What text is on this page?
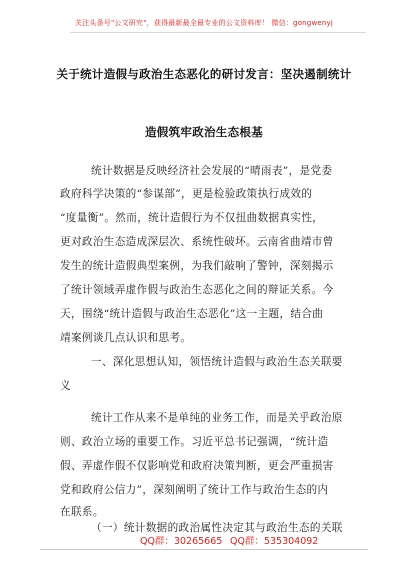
关注头条号"公文研究"，获得最新最全最专业的公文资料库！ 微信：gongwenyj
关于统计造假与政治生态恶化的研讨发言：坚决遏制统计
造假筑牢政治生态根基
统计数据是反映经济社会发展的“晴雨表”，是党委
政府科学决策的“参谋部”，更是检验政策执行成效的
“度量衡”。然而，统计造假行为不仅扭曲数据真实性，
更对政治生态造成深层次、系统性破坏。云南省曲靖市曾
发生的统计造假典型案例，为我们敲响了警钟，深刻揭示
了统计领域弄虚作假与政治生态恶化之间的辩证关系。今
天，围绕“统计造假与政治生态恶化”这一主题，结合曲
靖案例谈几点认识和思考。
一、深化思想认知，领悟统计造假与政治生态关联要
义
统计工作从来不是单纯的业务工作，而是关乎政治原
则、政治立场的重要工作。习近平总书记强调，“统计造
假、弄虚作假不仅影响党和政府决策判断，更会严重损害
党和政府公信力”，深刻阐明了统计工作与政治生态的内
在联系。
（一）统计数据的政治属性决定其与政治生态的关联
QQ群：30265665 QQ群：535304092
